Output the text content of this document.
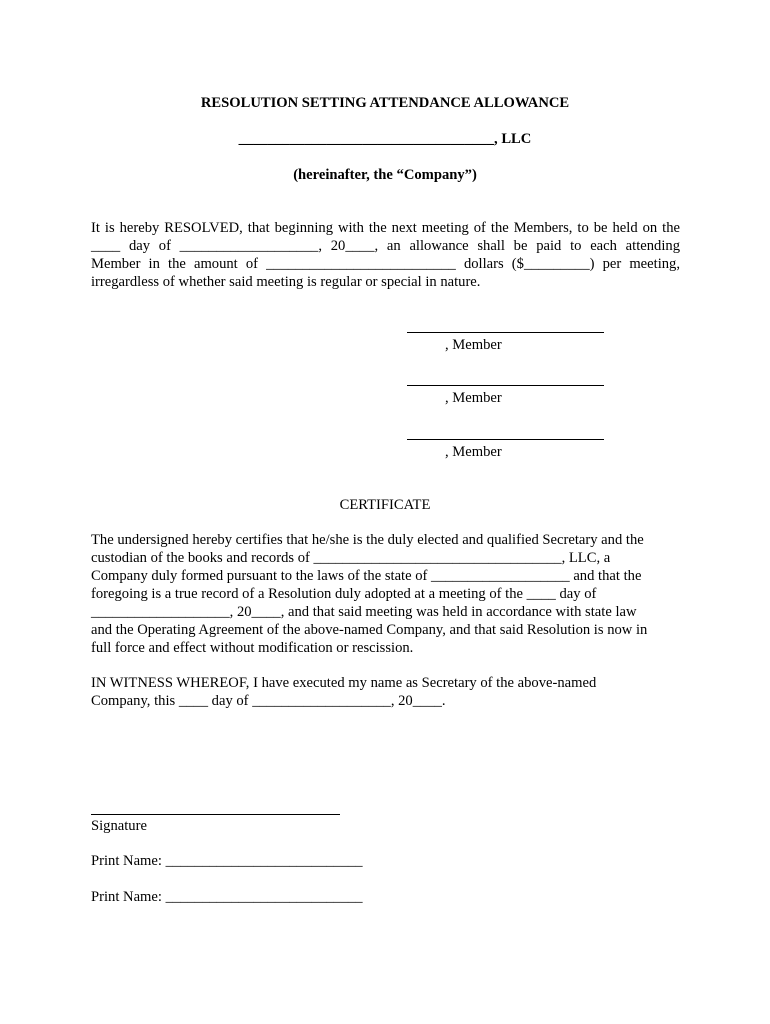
RESOLUTION SETTING ATTENDANCE ALLOWANCE
___________________________________, LLC
(hereinafter, the “Company”)
It is hereby RESOLVED, that beginning with the next meeting of the Members, to be held on the
____ day of ___________________, 20____, an allowance shall be paid to each attending
Member in the amount of __________________________ dollars ($_________) per meeting,
irregardless of whether said meeting is regular or special in nature.
, Member
, Member
, Member
CERTIFICATE
The undersigned hereby certifies that he/she is the duly elected and qualified Secretary and the
custodian of the books and records of __________________________________, LLC, a
Company duly formed pursuant to the laws of the state of ___________________ and that the
foregoing is a true record of a Resolution duly adopted at a meeting of the ____ day of
___________________, 20____, and that said meeting was held in accordance with state law
and the Operating Agreement of the above-named Company, and that said Resolution is now in
full force and effect without modification or rescission.
IN WITNESS WHEREOF, I have executed my name as Secretary of the above-named
Company, this ____ day of ___________________, 20____.
Signature
Print Name: ___________________________
Print Name: ___________________________
